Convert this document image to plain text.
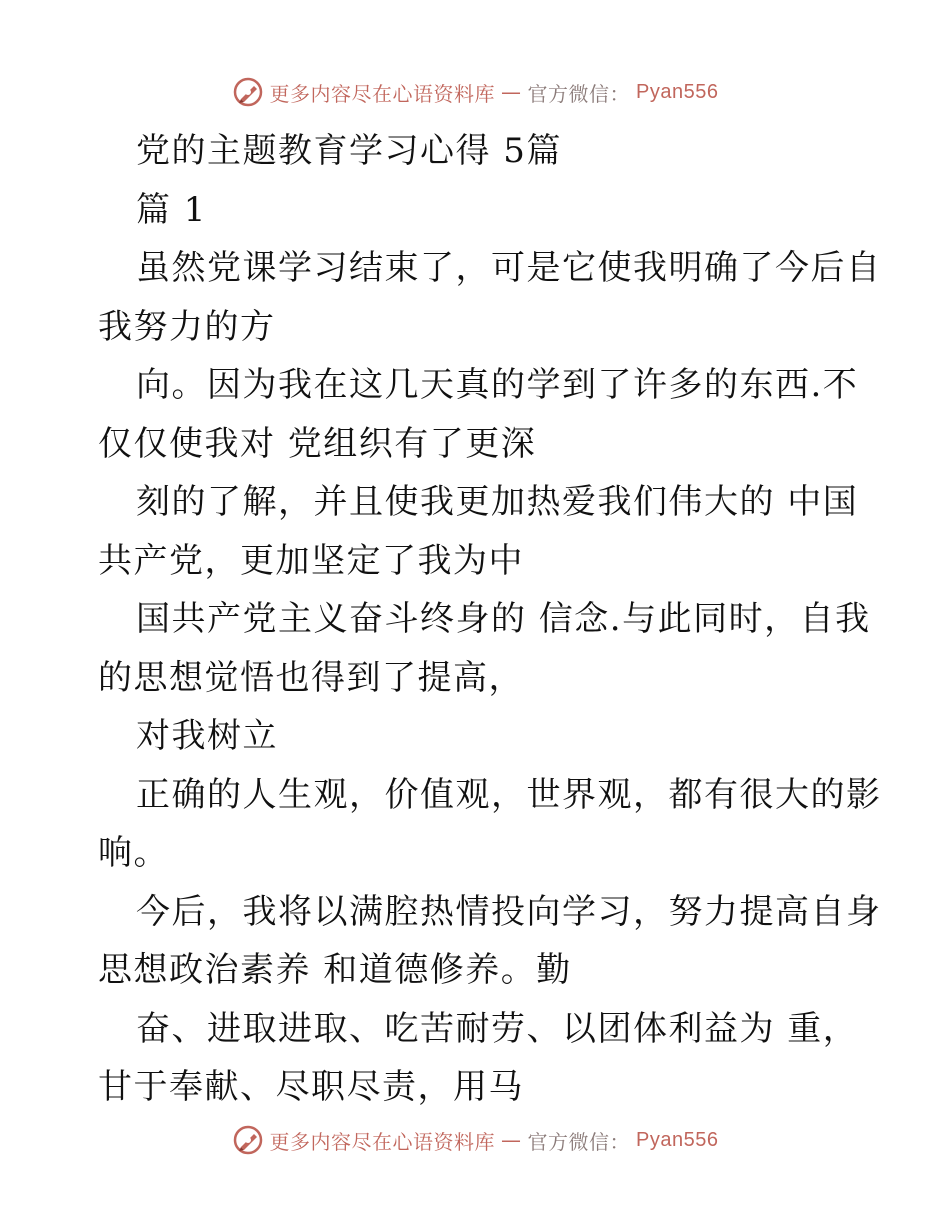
更多内容尽在心语资料库 — 官方微信： Pyan556
党的主题教育学习心得 5篇
篇 1
虽然党课学习结束了，可是它使我明确了今后自
我努力的方
向。因为我在这几天真的学到了许多的东西.不
仅仅使我对 党组织有了更深
刻的了解，并且使我更加热爱我们伟大的 中国
共产党，更加坚定了我为中
国共产党主义奋斗终身的 信念.与此同时，自我
的思想觉悟也得到了提高，
对我树立
正确的人生观，价值观，世界观，都有很大的影
响。
今后，我将以满腔热情投向学习，努力提高自身
思想政治素养 和道德修养。勤
奋、进取进取、吃苦耐劳、以团体利益为 重，
甘于奉献、尽职尽责，用马
更多内容尽在心语资料库 — 官方微信： Pyan556
